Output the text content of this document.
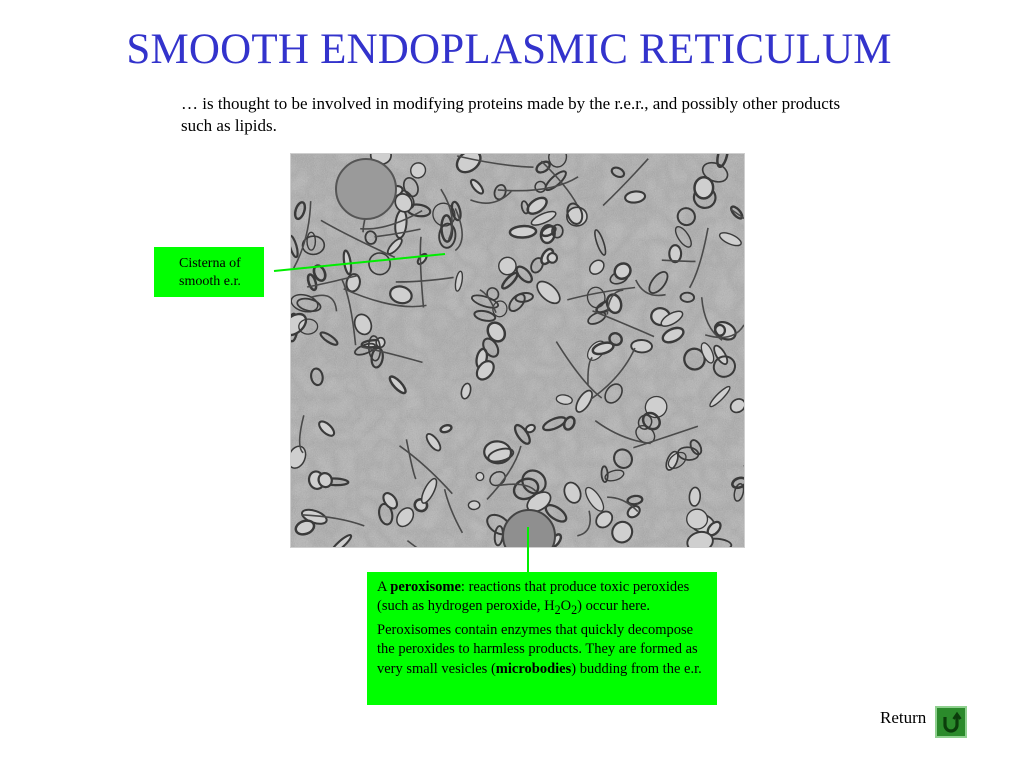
SMOOTH ENDOPLASMIC RETICULUM
… is thought to be involved in modifying proteins made by the r.e.r., and possibly other products such as lipids.
Cisterna of
smooth e.r.
A peroxisome: reactions that produce toxic peroxides (such as hydrogen peroxide, $H_2O_2$) occur here. Peroxisomes contain enzymes that quickly decompose the peroxides to harmless products. They are formed as very small vesicles (microbodies) budding from the e.r.
Return
